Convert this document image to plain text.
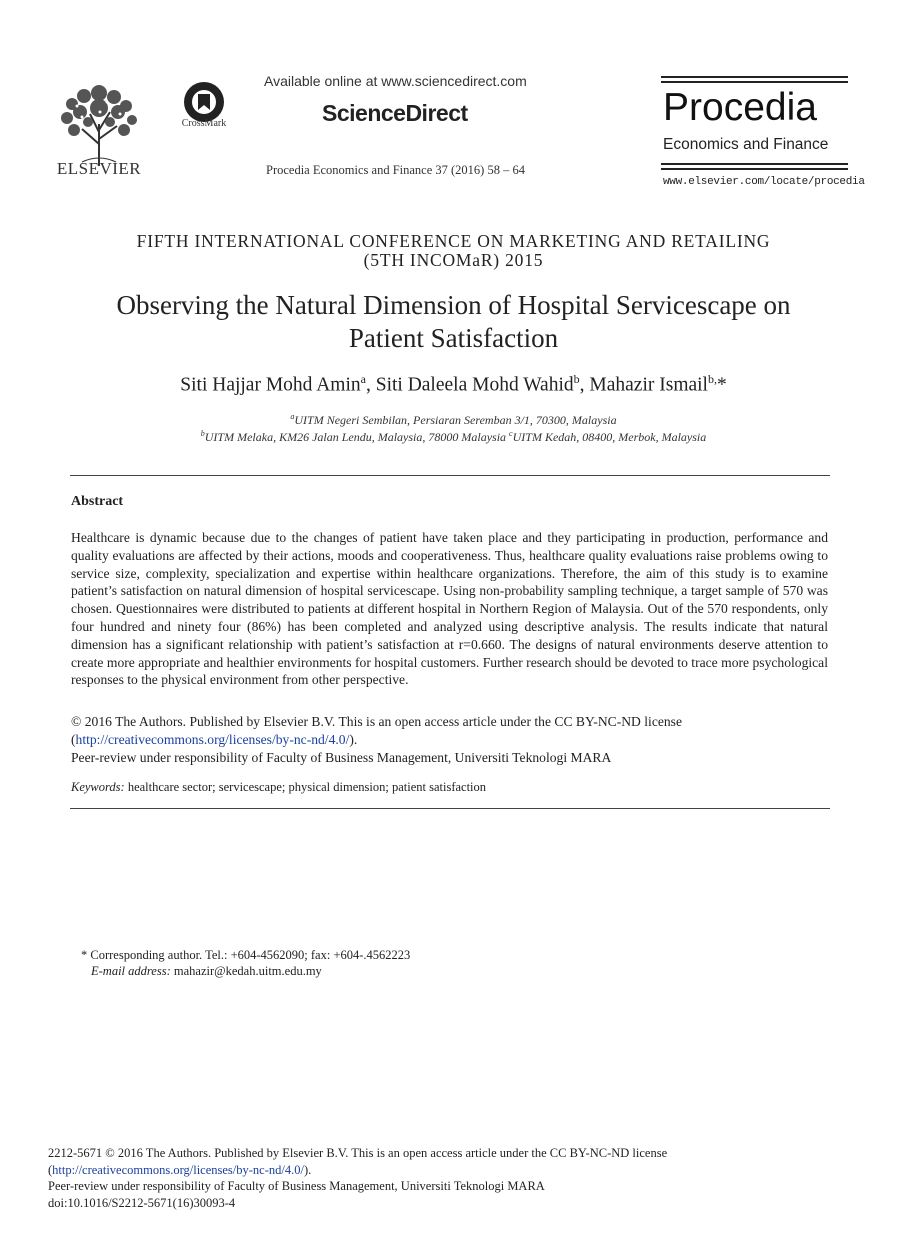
ELSEVIER
CrossMark
Available online at www.sciencedirect.com
ScienceDirect
Procedia Economics and Finance 37 (2016) 58 – 64
Procedia
Economics and Finance
www.elsevier.com/locate/procedia
FIFTH INTERNATIONAL CONFERENCE ON MARKETING AND RETAILING
(5TH INCOMaR) 2015
Observing the Natural Dimension of Hospital Servicescape on
Patient Satisfaction
Siti Hajjar Mohd Amin$^a$, Siti Daleela Mohd Wahid$^b$, Mahazir Ismail$^{b,}$*
$^a$UITM Negeri Sembilan, Persiaran Seremban 3/1, 70300, Malaysia
$^b$UITM Melaka, KM26 Jalan Lendu, Malaysia, 78000 Malaysia $^c$UITM Kedah, 08400, Merbok, Malaysia
Abstract
Healthcare is dynamic because due to the changes of patient have taken place and they participating in production, performance and quality evaluations are affected by their actions, moods and cooperativeness. Thus, healthcare quality evaluations raise problems owing to service size, complexity, specialization and expertise within healthcare organizations. Therefore, the aim of this study is to examine patient’s satisfaction on natural dimension of hospital servicescape. Using non-probability sampling technique, a target sample of 570 was chosen. Questionnaires were distributed to patients at different hospital in Northern Region of Malaysia. Out of the 570 respondents, only four hundred and ninety four (86%) has been completed and analyzed using descriptive analysis. The results indicate that natural dimension has a significant relationship with patient’s satisfaction at r=0.660. The designs of natural environments deserve attention to create more appropriate and healthier environments for hospital customers. Further research should be devoted to trace more psychological responses to the physical environment from other perspective.
© 2016 The Authors. Published by Elsevier B.V. This is an open access article under the CC BY-NC-ND license
(http://creativecommons.org/licenses/by-nc-nd/4.0/).
Peer-review under responsibility of Faculty of Business Management, Universiti Teknologi MARA
Keywords: healthcare sector; servicescape; physical dimension; patient satisfaction
* Corresponding author. Tel.: +604-4562090; fax: +604-.4562223
E-mail address: mahazir@kedah.uitm.edu.my
2212-5671 © 2016 The Authors. Published by Elsevier B.V. This is an open access article under the CC BY-NC-ND license
(http://creativecommons.org/licenses/by-nc-nd/4.0/).
Peer-review under responsibility of Faculty of Business Management, Universiti Teknologi MARA
doi:10.1016/S2212-5671(16)30093-4
